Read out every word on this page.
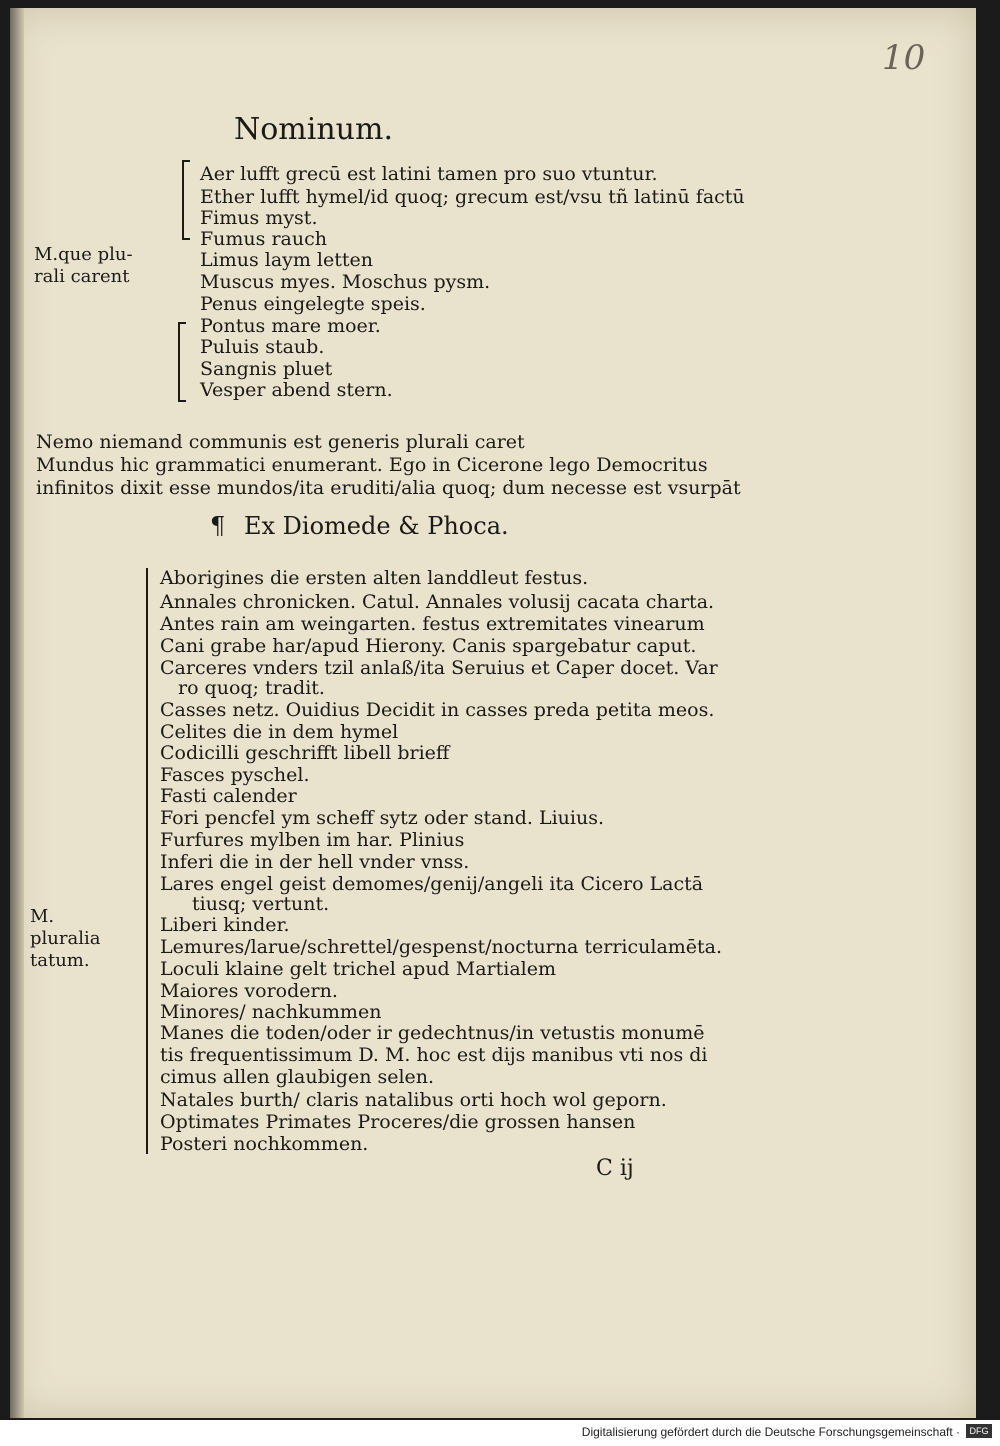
10
Nominum.
M.que plu- rali carent
Aer lufft grecū est latini tamen pro suo vtuntur.
Ether lufft hymel/id quoq; grecum est/vsu tñ latinū factū
Fimus myst.
Fumus rauch
Limus laym letten
Muscus myes. Moschus pysm.
Penus eingelegte speis.
Pontus mare moer.
Puluis staub.
Sangnis pluet
Vesper abend stern.
Nemo niemand communis est generis plurali caret
Mundus hic grammatici enumerant. Ego in Cicerone lego Democritus
infinitos dixit esse mundos/ita eruditi/alia quoq; dum necesse est vsurpāt
¶ Ex Diomede & Phoca.
M. pluralia tatum.
Aborigines die ersten alten landdleut festus.
Annales chronicken. Catul. Annales volusij cacata charta.
Antes rain am weingarten. festus extremitates vinearum
Cani grabe har/apud Hierony. Canis spargebatur caput.
Carceres vnders tzil anlaß/ita Seruius et Caper docet. Var
ro quoq; tradit.
Casses netz. Ouidius Decidit in casses preda petita meos.
Celites die in dem hymel
Codicilli geschrifft libell brieff
Fasces pyschel.
Fasti calender
Fori pencfel ym scheff sytz oder stand. Liuius.
Furfures mylben im har. Plinius
Inferi die in der hell vnder vnss.
Lares engel geist demomes/genij/angeli ita Cicero Lactā
tiusq; vertunt.
Liberi kinder.
Lemures/larue/schrettel/gespenst/nocturna terriculamēta.
Loculi klaine gelt trichel apud Martialem
Maiores vorodern.
Minores/ nachkummen
Manes die toden/oder ir gedechtnus/in vetustis monumē
tis frequentissimum D. M. hoc est dijs manibus vti nos di
cimus allen glaubigen selen.
Natales burth/ claris natalibus orti hoch wol geporn.
Optimates Primates Proceres/die grossen hansen
Posteri nochkommen.
C ij
Digitalisierung gefördert durch die Deutsche Forschungsgemeinschaft ·	DFG
